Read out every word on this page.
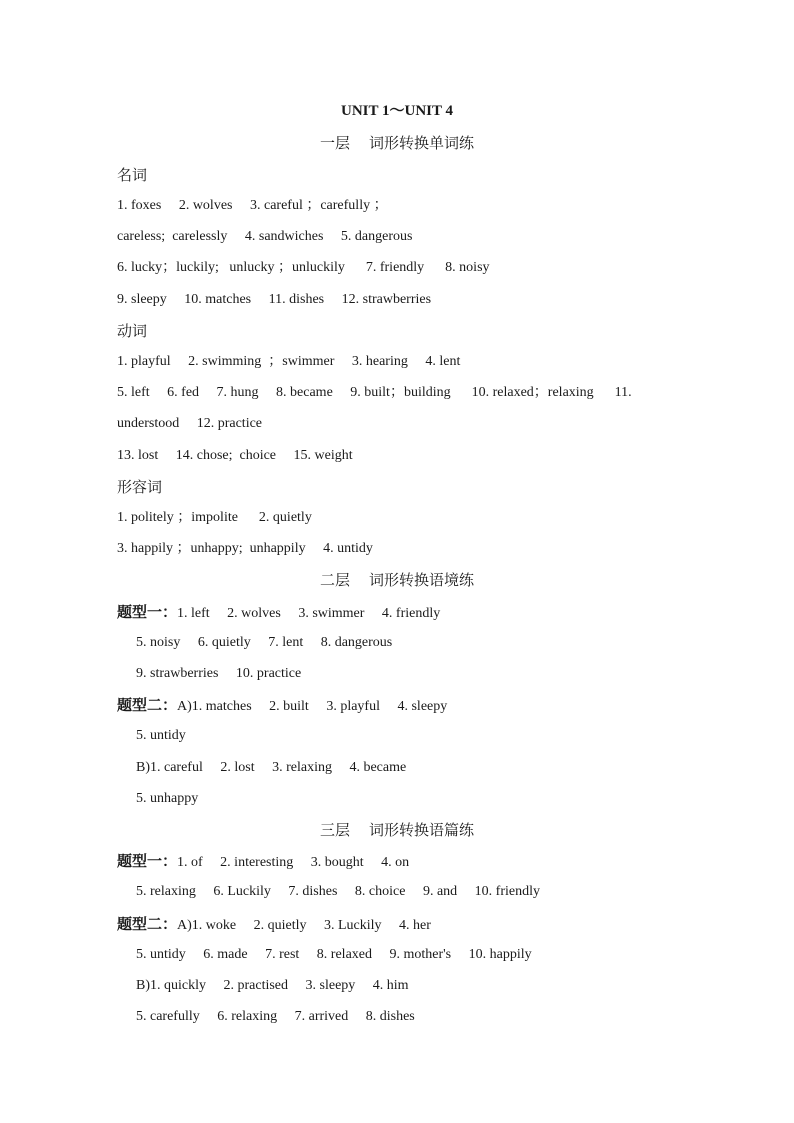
UNIT 1～UNIT 4
一层    词形转换单词练
名词
1. foxes     2. wolves     3. careful ；carefully ；
careless;  carelessly     4. sandwiches     5. dangerous
6. lucky；luckily;   unlucky ；unluckily      7. friendly      8. noisy
9. sleepy     10. matches     11. dishes     12. strawberries
动词
1. playful     2. swimming  ；swimmer     3. hearing     4. lent
5. left     6. fed     7. hung     8. became     9. built；building      10. relaxed；relaxing      11.
understood     12. practice
13. lost     14. chose;  choice     15. weight
形容词
1. politely ；impolite      2. quietly
3. happily ；unhappy;  unhappily     4. untidy
二层    词形转换语境练
题型一：1. left     2. wolves     3. swimmer     4. friendly
5. noisy     6. quietly     7. lent     8. dangerous
9. strawberries     10. practice
题型二：A)1. matches     2. built     3. playful     4. sleepy
5. untidy
B)1. careful     2. lost     3. relaxing     4. became
5. unhappy
三层    词形转换语篇练
题型一：1. of     2. interesting     3. bought     4. on
5. relaxing     6. Luckily     7. dishes     8. choice     9. and     10. friendly
题型二：A)1. woke     2. quietly     3. Luckily     4. her
5. untidy     6. made     7. rest     8. relaxed     9. mother's     10. happily
B)1. quickly     2. practised     3. sleepy     4. him
5. carefully     6. relaxing     7. arrived     8. dishes
